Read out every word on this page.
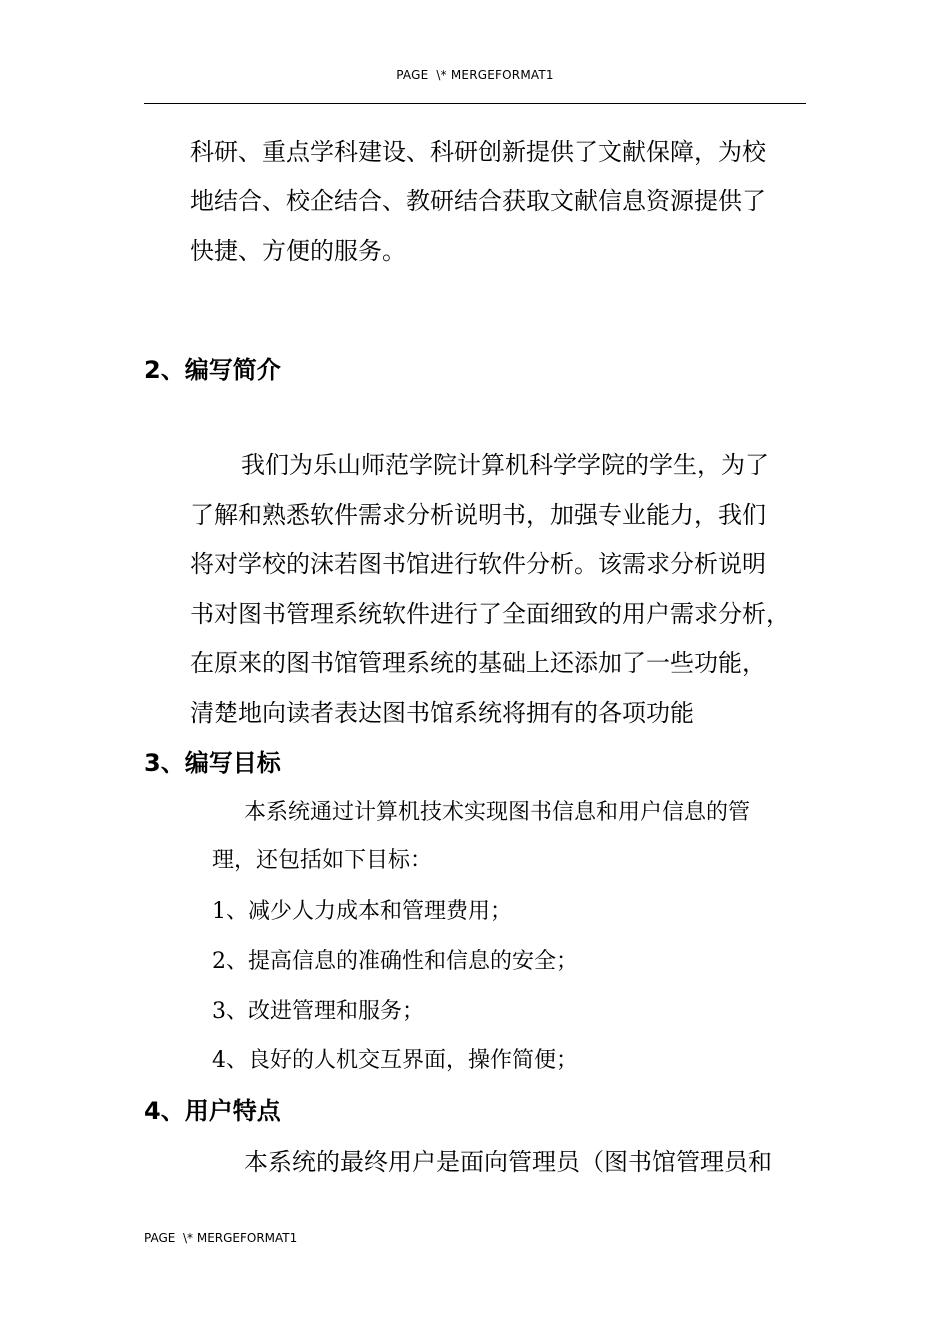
PAGE  \* MERGEFORMAT1
科研、重点学科建设、科研创新提供了文献保障，为校
地结合、校企结合、教研结合获取文献信息资源提供了
快捷、方便的服务。
2、编写简介
我们为乐山师范学院计算机科学学院的学生，为了
了解和熟悉软件需求分析说明书，加强专业能力，我们
将对学校的沫若图书馆进行软件分析。该需求分析说明
书对图书管理系统软件进行了全面细致的用户需求分析，
在原来的图书馆管理系统的基础上还添加了一些功能，
清楚地向读者表达图书馆系统将拥有的各项功能
3、编写目标
本系统通过计算机技术实现图书信息和用户信息的管
理，还包括如下目标：
1、减少人力成本和管理费用；
2、提高信息的准确性和信息的安全；
3、改进管理和服务；
4、良好的人机交互界面，操作简便；
4、用户特点
本系统的最终用户是面向管理员（图书馆管理员和
PAGE  \* MERGEFORMAT1
